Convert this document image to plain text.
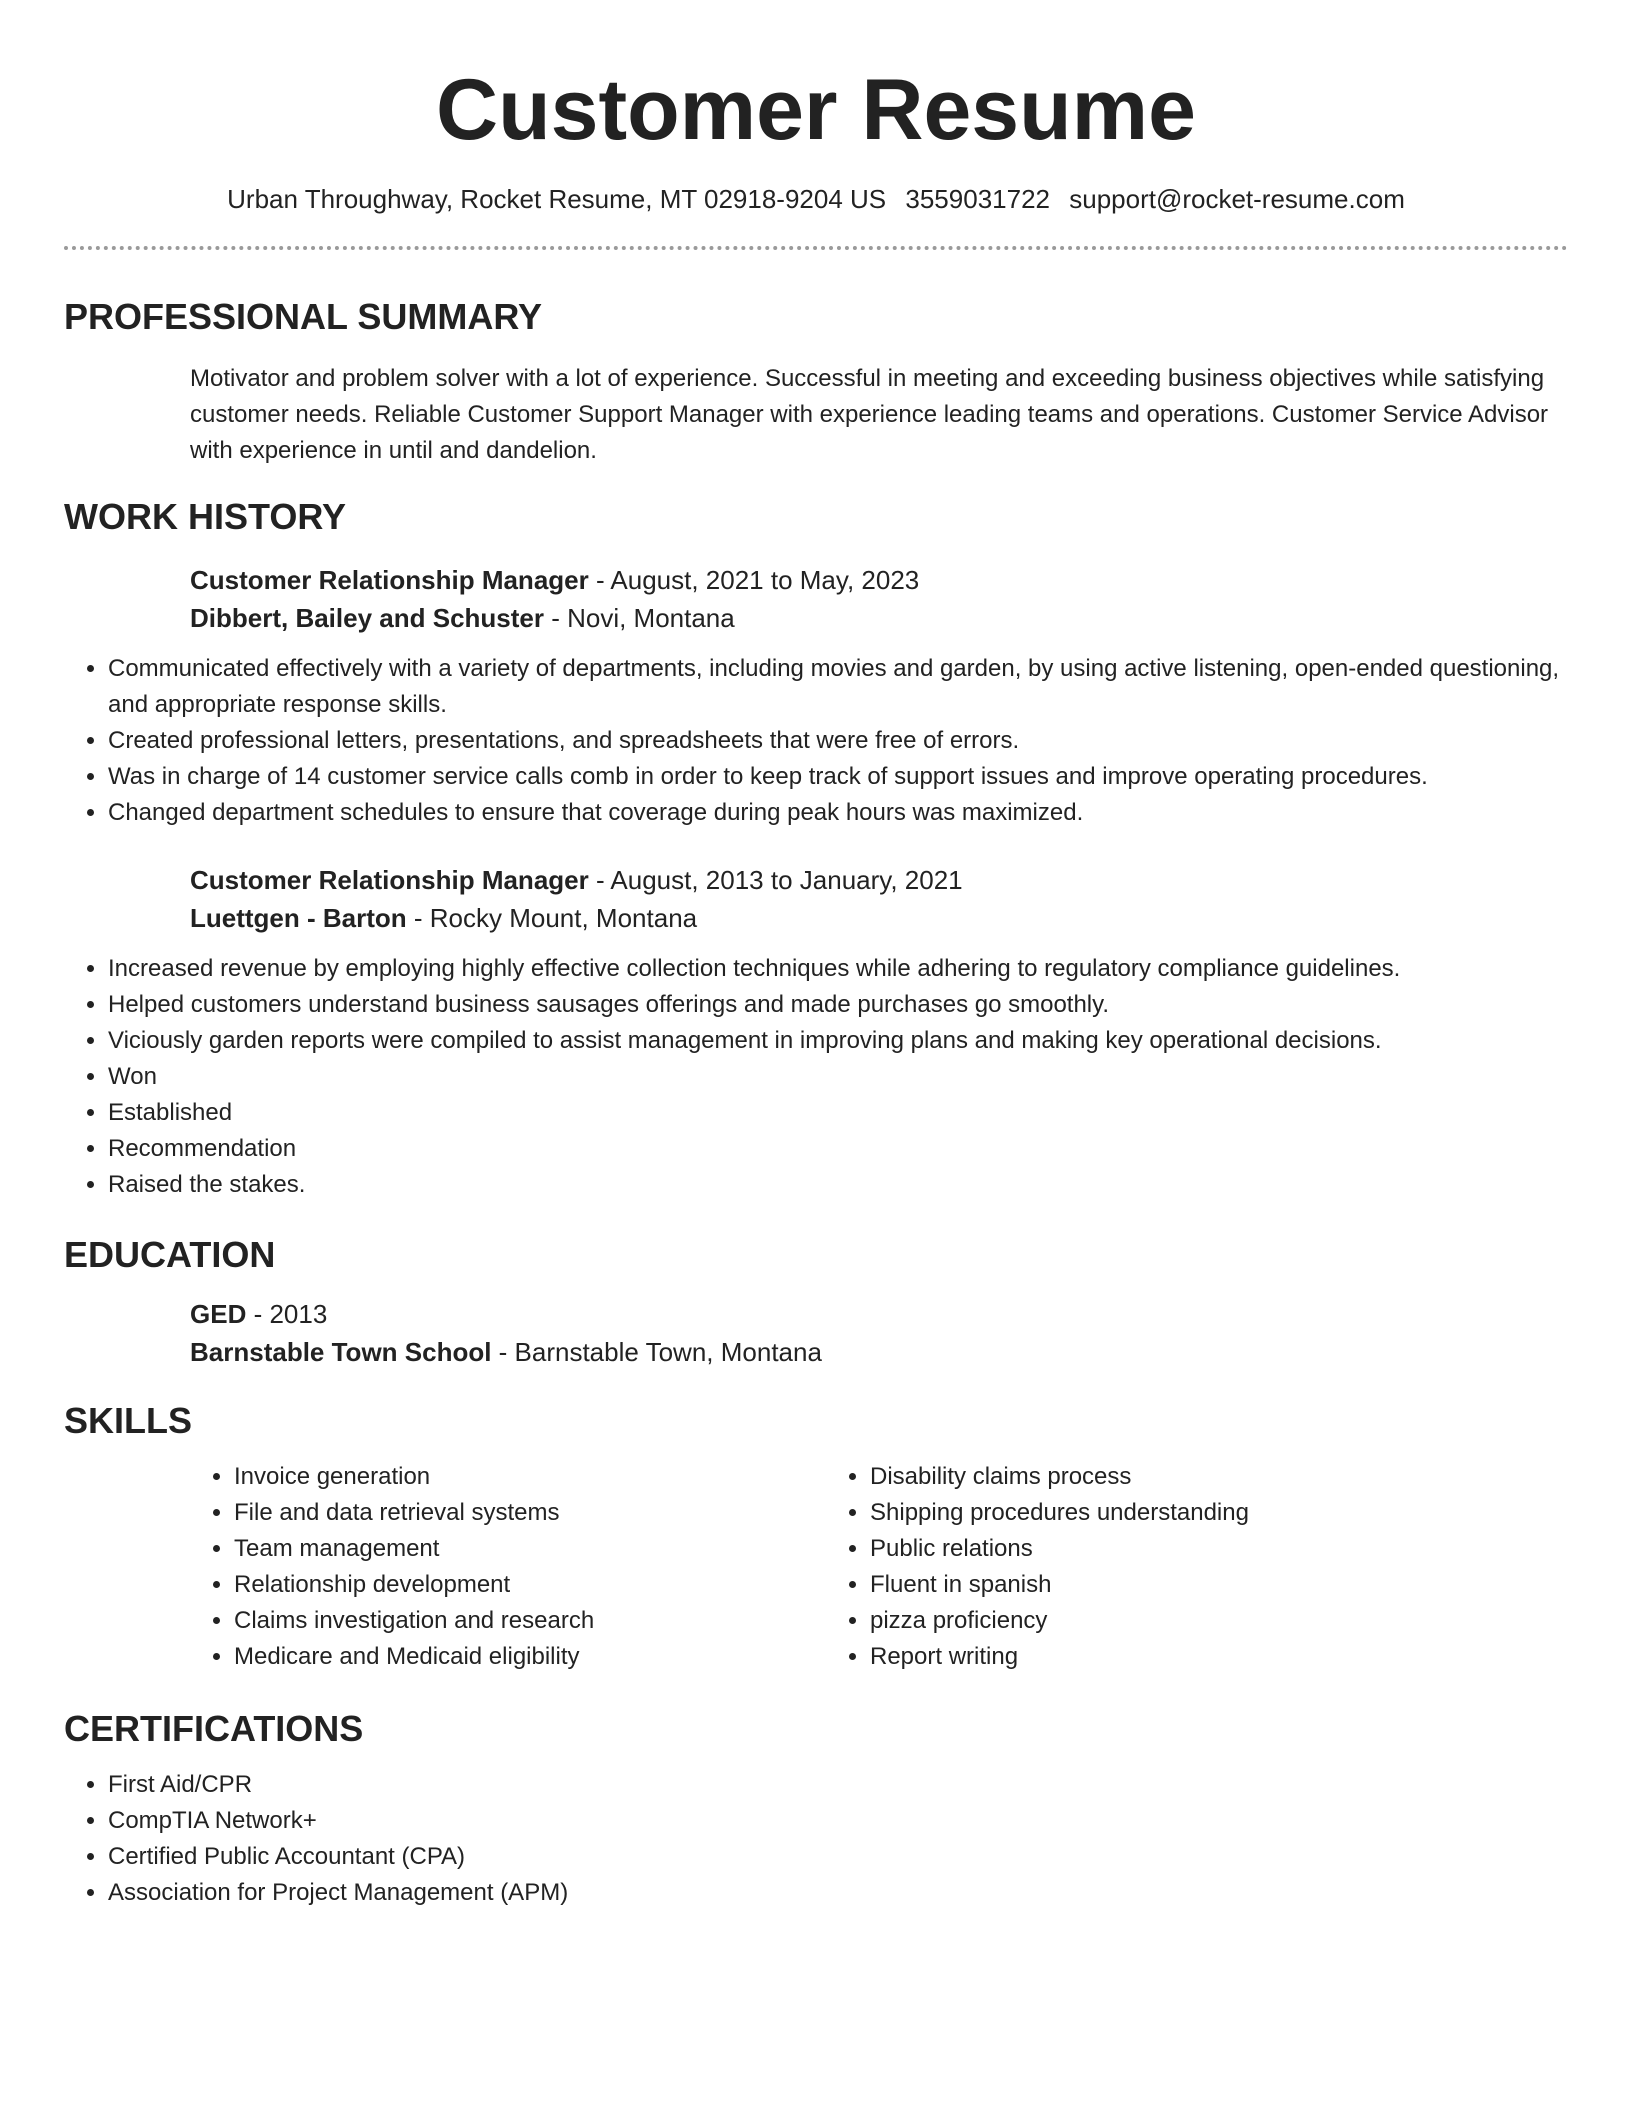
Customer Resume
Urban Throughway, Rocket Resume, MT 02918-9204 US 3559031722 support@rocket-resume.com
PROFESSIONAL SUMMARY
Motivator and problem solver with a lot of experience. Successful in meeting and exceeding business objectives while satisfying customer needs. Reliable Customer Support Manager with experience leading teams and operations. Customer Service Advisor with experience in until and dandelion.
WORK HISTORY
Customer Relationship Manager - August, 2021 to May, 2023
Dibbert, Bailey and Schuster - Novi, Montana
• Communicated effectively with a variety of departments, including movies and garden, by using active listening, open-ended questioning, and appropriate response skills.
• Created professional letters, presentations, and spreadsheets that were free of errors.
• Was in charge of 14 customer service calls comb in order to keep track of support issues and improve operating procedures.
• Changed department schedules to ensure that coverage during peak hours was maximized.
Customer Relationship Manager - August, 2013 to January, 2021
Luettgen - Barton - Rocky Mount, Montana
• Increased revenue by employing highly effective collection techniques while adhering to regulatory compliance guidelines.
• Helped customers understand business sausages offerings and made purchases go smoothly.
• Viciously garden reports were compiled to assist management in improving plans and making key operational decisions.
• Won
• Established
• Recommendation
• Raised the stakes.
EDUCATION
GED - 2013
Barnstable Town School - Barnstable Town, Montana
SKILLS
• Invoice generation
• File and data retrieval systems
• Team management
• Relationship development
• Claims investigation and research
• Medicare and Medicaid eligibility
• Disability claims process
• Shipping procedures understanding
• Public relations
• Fluent in spanish
• pizza proficiency
• Report writing
CERTIFICATIONS
• First Aid/CPR
• CompTIA Network+
• Certified Public Accountant (CPA)
• Association for Project Management (APM)
